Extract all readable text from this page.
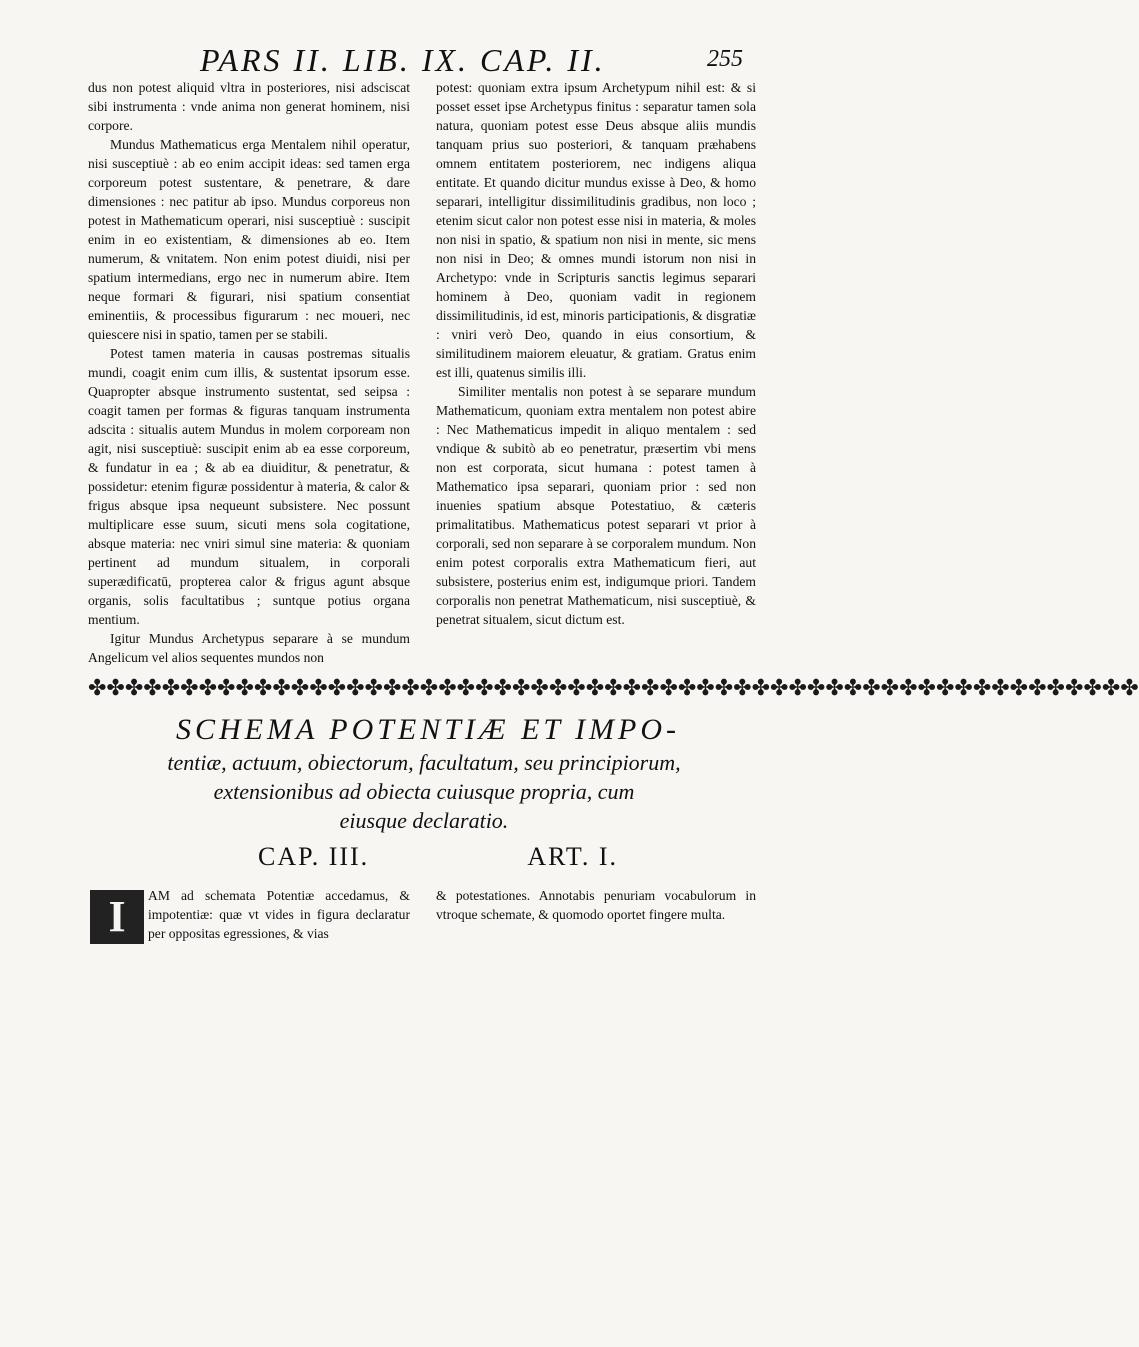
PARS II. LIB. IX. CAP. II.	255

dus non potest aliquid vltra in posteriores, nisi adsciscat sibi instrumenta : vnde anima non generat hominem, nisi corpore.

Mundus Mathematicus erga Mentalem nihil operatur, nisi susceptiuè : ab eo enim accipit ideas: sed tamen erga corporeum potest sustentare, & penetrare, & dare dimensiones : nec patitur ab ipso. Mundus corporeus non potest in Mathematicum operari, nisi susceptiuè : suscipit enim in eo existentiam, & dimensiones ab eo. Item numerum, & vnitatem. Non enim potest diuidi, nisi per spatium intermedians, ergo nec in numerum abire. Item neque formari & figurari, nisi spatium consentiat eminentiis, & processibus figurarum : nec moueri, nec quiescere nisi in spatio, tamen per se stabili.

Potest tamen materia in causas postremas situalis mundi, coagit enim cum illis, & sustentat ipsorum esse. Quapropter absque instrumento sustentat, sed seipsa : coagit tamen per formas & figuras tanquam instrumenta adscita : situalis autem Mundus in molem corpoream non agit, nisi susceptiuè: suscipit enim ab ea esse corporeum, & fundatur in ea ; & ab ea diuiditur, & penetratur, & possidetur: etenim figuræ possidentur à materia, & calor & frigus absque ipsa nequeunt subsistere. Nec possunt multiplicare esse suum, sicuti mens sola cogitatione, absque materia: nec vniri simul sine materia: & quoniam pertinent ad mundum situalem, in corporali superædificatū, propterea calor & frigus agunt absque organis, solis facultatibus ; suntque potius organa mentium.

Igitur Mundus Archetypus separare à se mundum Angelicum vel alios sequentes mundos non

potest: quoniam extra ipsum Archetypum nihil est: & si posset esset ipse Archetypus finitus : separatur tamen sola natura, quoniam potest esse Deus absque aliis mundis tanquam prius suo posteriori, & tanquam præhabens omnem entitatem posteriorem, nec indigens aliqua entitate. Et quando dicitur mundus exisse à Deo, & homo separari, intelligitur dissimilitudinis gradibus, non loco ; etenim sicut calor non potest esse nisi in materia, & moles non nisi in spatio, & spatium non nisi in mente, sic mens non nisi in Deo; & omnes mundi istorum non nisi in Archetypo: vnde in Scripturis sanctis legimus separari hominem à Deo, quoniam vadit in regionem dissimilitudinis, id est, minoris participationis, & disgratiæ : vniri verò Deo, quando in eius consortium, & similitudinem maiorem eleuatur, & gratiam. Gratus enim est illi, quatenus similis illi.

Similiter mentalis non potest à se separare mundum Mathematicum, quoniam extra mentalem non potest abire : Nec Mathematicus impedit in aliquo mentalem : sed vndique & subitò ab eo penetratur, præsertim vbi mens non est corporata, sicut humana : potest tamen à Mathematico ipsa separari, quoniam prior : sed non inuenies spatium absque Potestatiuo, & cæteris primalitatibus. Mathematicus potest separari vt prior à corporali, sed non separare à se corporalem mundum. Non enim potest corporalis extra Mathematicum fieri, aut subsistere, posterius enim est, indigumque priori. Tandem corporalis non penetrat Mathematicum, nisi susceptiuè, & penetrat situalem, sicut dictum est.

✤✤✤✤✤✤✤✤✤✤✤✤✤✤✤✤✤✤✤✤✤✤✤✤✤✤✤✤✤✤✤✤✤✤✤✤✤✤✤✤✤✤✤✤✤✤✤✤✤✤✤✤✤✤✤✤✤
SCHEMA POTENTIÆ ET IMPO-
tentiæ, actuum, obiectorum, facultatum, seu principiorum,
extensionibus ad obiecta cuiusque propria, cum
eiusque declaratio.
CAP. III.	ART. I.
I	AM ad schemata Potentiæ accedamus, & impotentiæ: quæ vt vides in figura declaratur per oppositas egressiones, & vias

& potestationes. Annotabis penuriam vocabulorum in vtroque schemate, & quomodo oportet fingere multa.
